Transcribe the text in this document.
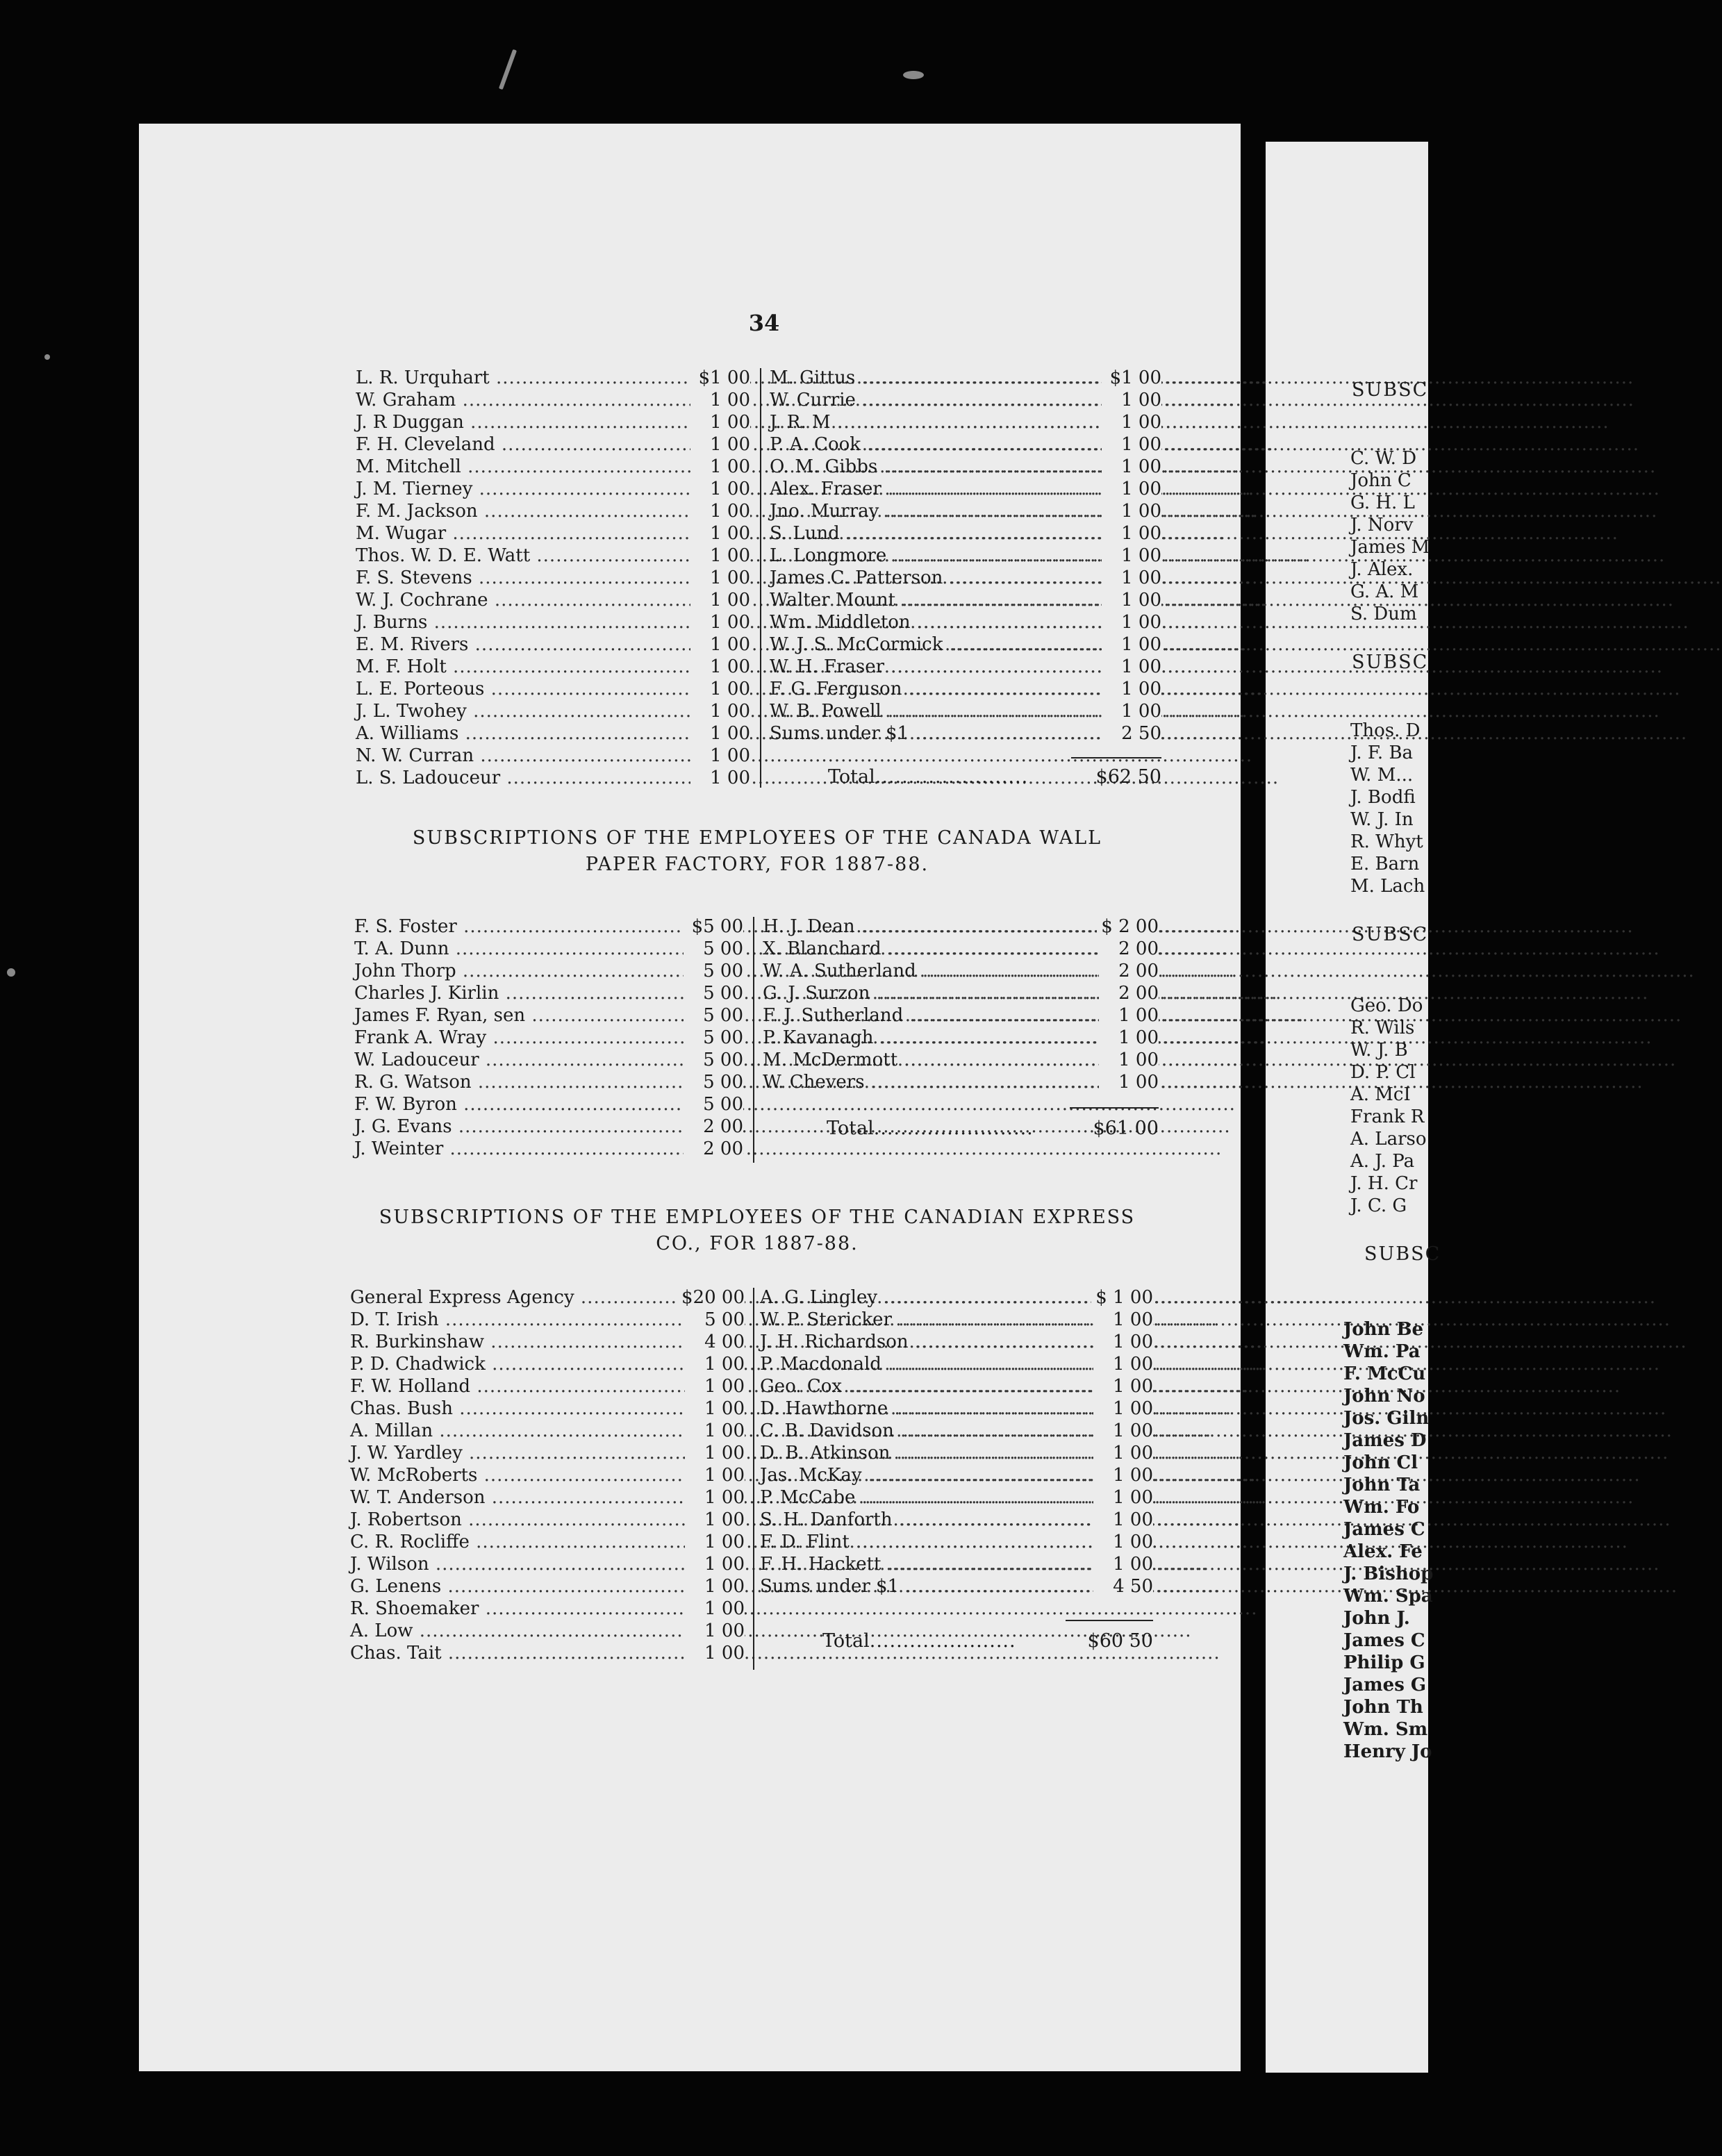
34
L. R. Urquhart .....	$1 00
W. Graham .....	1 00
J. R Duggan .....	1 00
F. H. Cleveland .....	1 00
M. Mitchell .....	1 00
J. M. Tierney .....	1 00
F. M. Jackson .....	1 00
M. Wugar .....	1 00
Thos. W. D. E. Watt .....	1 00
F. S. Stevens .....	1 00
W. J. Cochrane .....	1 00
J. Burns .....	1 00
E. M. Rivers .....	1 00
M. F. Holt .....	1 00
L. E. Porteous .....	1 00
J. L. Twohey .....	1 00
A. Williams .....	1 00
N. W. Curran .....	1 00
L. S. Ladouceur .....	1 00
M. Gittus .....	$1 00
W. Currie .....	1 00
J. R. M .....	1 00
P. A. Cook .....	1 00
O. M. Gibbs .....	1 00
Alex. Fraser .....	1 00
Jno. Murray .....	1 00
S. Lund .....	1 00
L. Longmore .....	1 00
James C. Patterson .....	1 00
Walter Mount .....	1 00
Wm. Middleton .....	1 00
W. J. S. McCormick .....	1 00
W. H. Fraser .....	1 00
F. G. Ferguson .....	1 00
W. B. Powell .....	1 00
Sums under $1 .....	2 50
Total.......................	$62 50
SUBSCRIPTIONS OF THE EMPLOYEES OF THE CANADA WALL
PAPER FACTORY, FOR 1887-88.
F. S. Foster .....	$5 00
T. A. Dunn .....	5 00
John Thorp .....	5 00
Charles J. Kirlin .....	5 00
James F. Ryan, sen .....	5 00
Frank A. Wray .....	5 00
W. Ladouceur .....	5 00
R. G. Watson .....	5 00
F. W. Byron .....	5 00
J. G. Evans .....	2 00
J. Weinter .....	2 00
H. J. Dean .....	$ 2 00
X. Blanchard .....	2 00
W. A. Sutherland .....	2 00
G. J. Surzon .....	2 00
F. J. Sutherland .....	1 00
P. Kavanagh .....	1 00
M. McDermott .....	1 00
W. Chevers .....	1 00
Total........................	$61 00
SUBSCRIPTIONS OF THE EMPLOYEES OF THE CANADIAN EXPRESS
CO., FOR 1887-88.
General Express Agency .....	$20 00
D. T. Irish .....	5 00
R. Burkinshaw .....	4 00
P. D. Chadwick .....	1 00
F. W. Holland .....	1 00
Chas. Bush .....	1 00
A. Millan .....	1 00
J. W. Yardley .....	1 00
W. McRoberts .....	1 00
W. T. Anderson .....	1 00
J. Robertson .....	1 00
C. R. Rocliffe .....	1 00
J. Wilson .....	1 00
G. Lenens .....	1 00
R. Shoemaker .....	1 00
A. Low .....	1 00
Chas. Tait .....	1 00
A. G. Lingley .....	$ 1 00
W. P. Stericker .....	1 00
J. H. Richardson .....	1 00
P. Macdonald .....	1 00
Geo. Cox .....	1 00
D. Hawthorne .....	1 00
C. B. Davidson .....	1 00
D. B. Atkinson .....	1 00
Jas. McKay .....	1 00
P. McCabe .....	1 00
S. H. Danforth .....	1 00
F. D. Flint .....	1 00
F. H. Hackett .....	1 00
Sums under $1 .....	4 50
Total......................	$60 50
SUBSC
C. W. D
John C
G. H. L
J. Norv
James M
J. Alex.
G. A. M
S. Dum
SUBSC
Thos. D
J. F. Ba
W. M...
J. Bodfi
W. J. In
R. Whyt
E. Barn
M. Lach
SUBSC
Geo. Do
R. Wils
W. J. B
D. P. Cl
A. McI
Frank R
A. Larso
A. J. Pa
J. H. Cr
J. C. G
SUBSC
John Be
Wm. Pa
F. McCu
John No
Jos. Giln
James D
John Cl
John Ta
Wm. Fo
James C
Alex. Fe
J. Bishop
Wm. Spa
John J.
James C
Philip G
James G
John Th
Wm. Sm
Henry Jo
